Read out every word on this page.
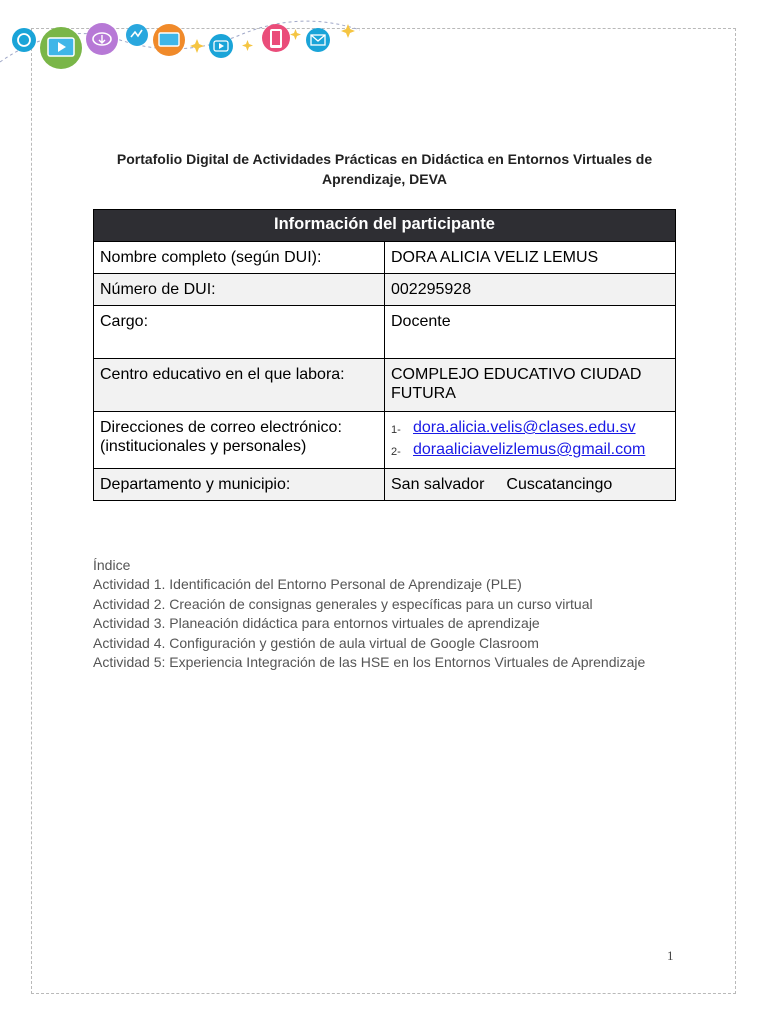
Portafolio Digital de Actividades Prácticas en Didáctica en Entornos Virtuales de Aprendizaje, DEVA
Información del participante	
Nombre completo (según DUI):	DORA ALICIA VELIZ LEMUS
Número de DUI:	002295928
Cargo:	Docente
Centro educativo en el que labora:	COMPLEJO EDUCATIVO CIUDAD FUTURA
Direcciones de correo electrónico: (institucionales y personales)	1- dora.alicia.velis@clases.edu.sv
2- doraaliciavelizlemus@gmail.com

Departamento y municipio:	San salvador Cuscatancingo
Índice
Actividad 1. Identificación del Entorno Personal de Aprendizaje (PLE)
Actividad 2. Creación de consignas generales y específicas para un curso virtual
Actividad 3. Planeación didáctica para entornos virtuales de aprendizaje
Actividad 4. Configuración y gestión de aula virtual de Google Clasroom
Actividad 5: Experiencia Integración de las HSE en los Entornos Virtuales de Aprendizaje
1
